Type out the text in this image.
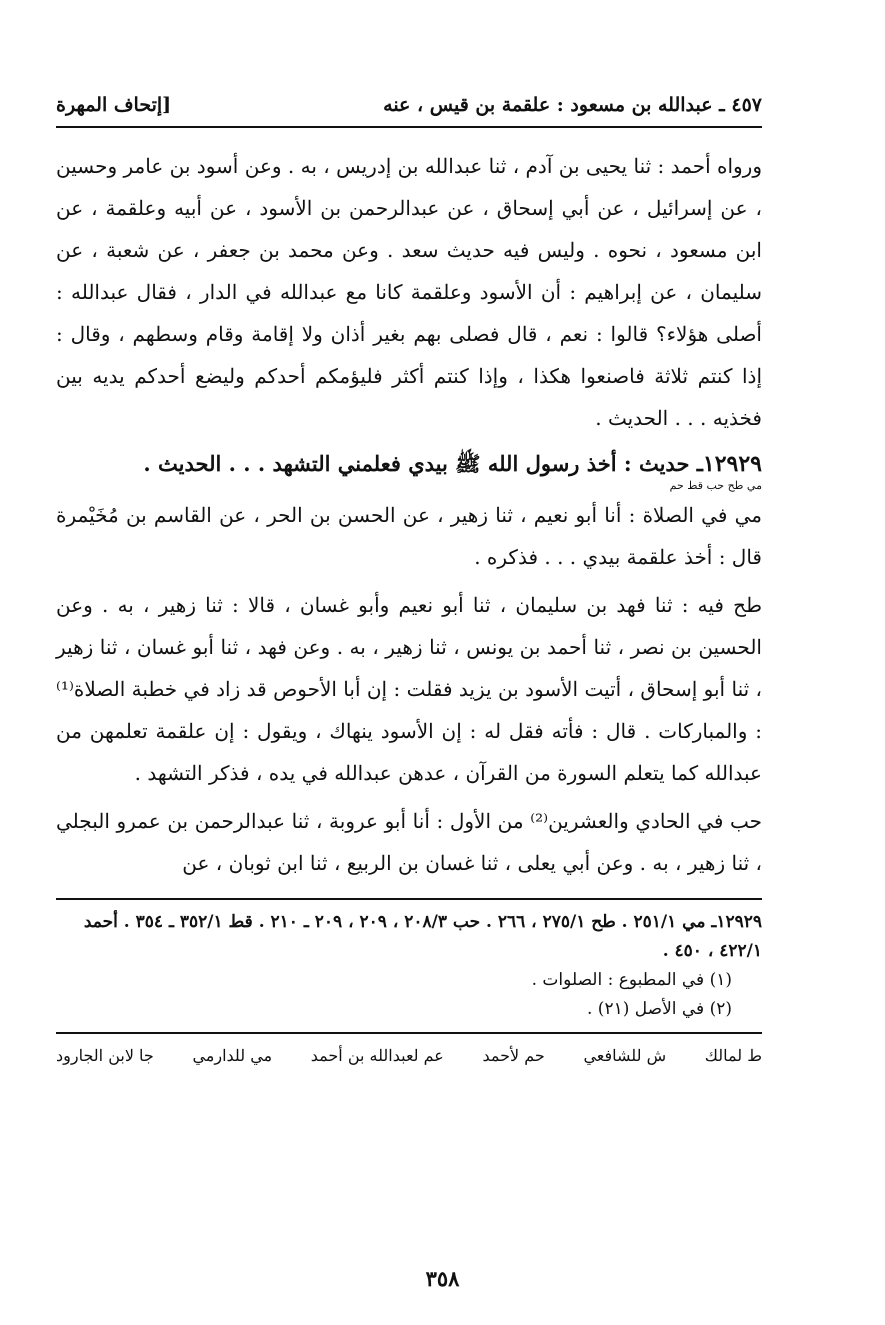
٤٥٧ ـ عبدالله بن مسعود : علقمة بن قيس ، عنه
[إتحاف المهرة

ورواه أحمد : ثنا يحيى بن آدم ، ثنا عبدالله بن إدريس ، به . وعن أسود بن عامر وحسين ، عن إسرائيل ، عن أبي إسحاق ، عن عبدالرحمن بن الأسود ، عن أبيه وعلقمة ، عن ابن مسعود ، نحوه . وليس فيه حديث سعد . وعن محمد بن جعفر ، عن شعبة ، عن سليمان ، عن إبراهيم : أن الأسود وعلقمة كانا مع عبدالله في الدار ، فقال عبدالله : أصلى هؤلاء؟ قالوا : نعم ، قال فصلى بهم بغير أذان ولا إقامة وقام وسطهم ، وقال : إذا كنتم ثلاثة فاصنعوا هكذا ، وإذا كنتم أكثر فليؤمكم أحدكم وليضع أحدكم يديه بين فخذيه . . . الحديث .

١٢٩٢٩ـ حديث : أخذ رسول الله ﷺ بيدي فعلمني التشهد . . . الحديث .
مي طح حب قط حم

مي في الصلاة : أنا أبو نعيم ، ثنا زهير ، عن الحسن بن الحر ، عن القاسم بن مُخَيْمرة قال : أخذ علقمة بيدي . . . فذكره .

طح فيه : ثنا فهد بن سليمان ، ثنا أبو نعيم وأبو غسان ، قالا : ثنا زهير ، به . وعن الحسين بن نصر ، ثنا أحمد بن يونس ، ثنا زهير ، به . وعن فهد ، ثنا أبو غسان ، ثنا زهير ، ثنا أبو إسحاق ، أتيت الأسود بن يزيد فقلت : إن أبا الأحوص قد زاد في خطبة الصلاة⁽¹⁾ : والمباركات . قال : فأته فقل له : إن الأسود ينهاك ، ويقول : إن علقمة تعلمهن من عبدالله كما يتعلم السورة من القرآن ، عدهن عبدالله في يده ، فذكر التشهد .

حب في الحادي والعشرين⁽²⁾ من الأول : أنا أبو عروبة ، ثنا عبدالرحمن بن عمرو البجلي ، ثنا زهير ، به . وعن أبي يعلى ، ثنا غسان بن الربيع ، ثنا ابن ثوبان ، عن

١٢٩٢٩ـ مي ٢٥١/١ . طح ٢٧٥/١ ، ٢٦٦ . حب ٢٠٨/٣ ، ٢٠٩ ، ٢٠٩ ـ ٢١٠ . قط ٣٥٢/١ ـ ٣٥٤ . أحمد ٤٢٢/١ ، ٤٥٠ .
(١) في المطبوع : الصلوات .
(٢) في الأصل (٢١) .
ط لمالك
ش للشافعي
حم لأحمد
عم لعبدالله بن أحمد
مي للدارمي
جا لابن الجارود
٣٥٨
